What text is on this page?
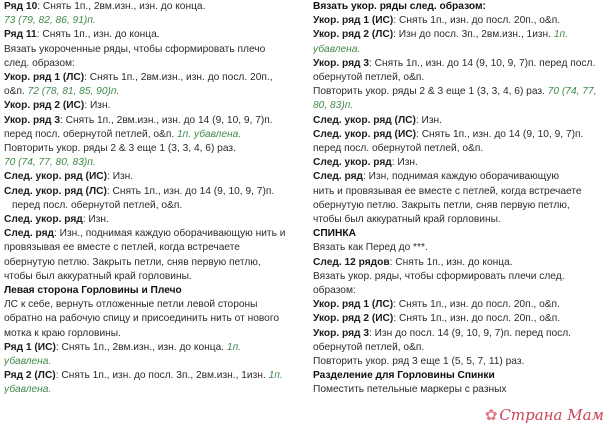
Ряд 10: Снять 1п., 2вм.изн., изн. до конца.
73 (79, 82, 86, 91)п.
Ряд 11: Снять 1п., изн. до конца.
Вязать укороченные ряды, чтобы сформировать плечо
след. образом:
Укор. ряд 1 (ЛС): Снять 1п., 2вм.изн., изн. до посл. 20п.,
о&п. 72 (78, 81, 85, 90)п.
Укор. ряд 2 (ИС): Изн.
Укор. ряд 3: Снять 1п., 2вм.изн., изн. до 14 (9, 10, 9, 7)п.
перед посл. обернутой петлей, о&п. 1п. убавлена.
Повторить укор. ряды 2 & 3 еще 1 (3, 3, 4, 6) раз.
70 (74, 77, 80, 83)п.
След. укор. ряд (ИС): Изн.
След. укор. ряд (ЛС): Снять 1п., изн. до 14 (9, 10, 9, 7)п.
перед посл. обернутой петлей, о&п.
След. укор. ряд: Изн.
След. ряд: Изн., поднимая каждую оборачивающую нить и
провязывая ее вместе с петлей, когда встречаете
обернутую петлю. Закрыть петли, сняв первую петлю,
чтобы был аккуратный край горловины.
Левая сторона Горловины и Плечо
ЛС к себе, вернуть отложенные петли левой стороны
обратно на рабочую спицу и присоединить нить от нового
мотка к краю горловины.
Ряд 1 (ИС): Снять 1п., 2вм.изн., изн. до конца. 1п.
убавлена.
Ряд 2 (ЛС): Снять 1п., изн. до посл. 3п., 2вм.изн., 1изн. 1п.
убавлена.
Вязать укор. ряды след. образом:
Укор. ряд 1 (ИС): Снять 1п., изн. до посл. 20п., о&п.
Укор. ряд 2 (ЛС): Изн до посл. 3п., 2вм.изн., 1изн. 1п.
убавлена.
Укор. ряд 3: Снять 1п., изн. до 14 (9, 10, 9, 7)п. перед посл.
обернутой петлей, о&п.
Повторить укор. ряды 2 & 3 еще 1 (3, 3, 4, 6) раз. 70 (74, 77,
80, 83)п.
След. укор. ряд (ЛС): Изн.
След. укор. ряд (ИС): Снять 1п., изн. до 14 (9, 10, 9, 7)п.
перед посл. обернутой петлей, о&п.
След. укор. ряд: Изн.
След. ряд: Изн, поднимая каждую оборачивающую
нить и провязывая ее вместе с петлей, когда встречаете
обернутую петлю. Закрыть петли, сняв первую петлю,
чтобы был аккуратный край горловины.
СПИНКА
Вязать как Перед до ***.
След. 12 рядов: Снять 1п., изн. до конца.
Вязать укор. ряды, чтобы сформировать плечи след.
образом:
Укор. ряд 1 (ЛС): Снять 1п., изн. до посл. 20п., о&п.
Укор. ряд 2 (ИС): Снять 1п., изн. до посл. 20п., о&п.
Укор. ряд 3: Изн до посл. 14 (9, 10, 9, 7)п. перед посл.
обернутой петлей, о&п.
Повторить укор. ряд 3 еще 1 (5, 5, 7, 11) раз.
Разделение для Горловины Спинки
Поместить петельные маркеры с разных
✿ Страна Мам
